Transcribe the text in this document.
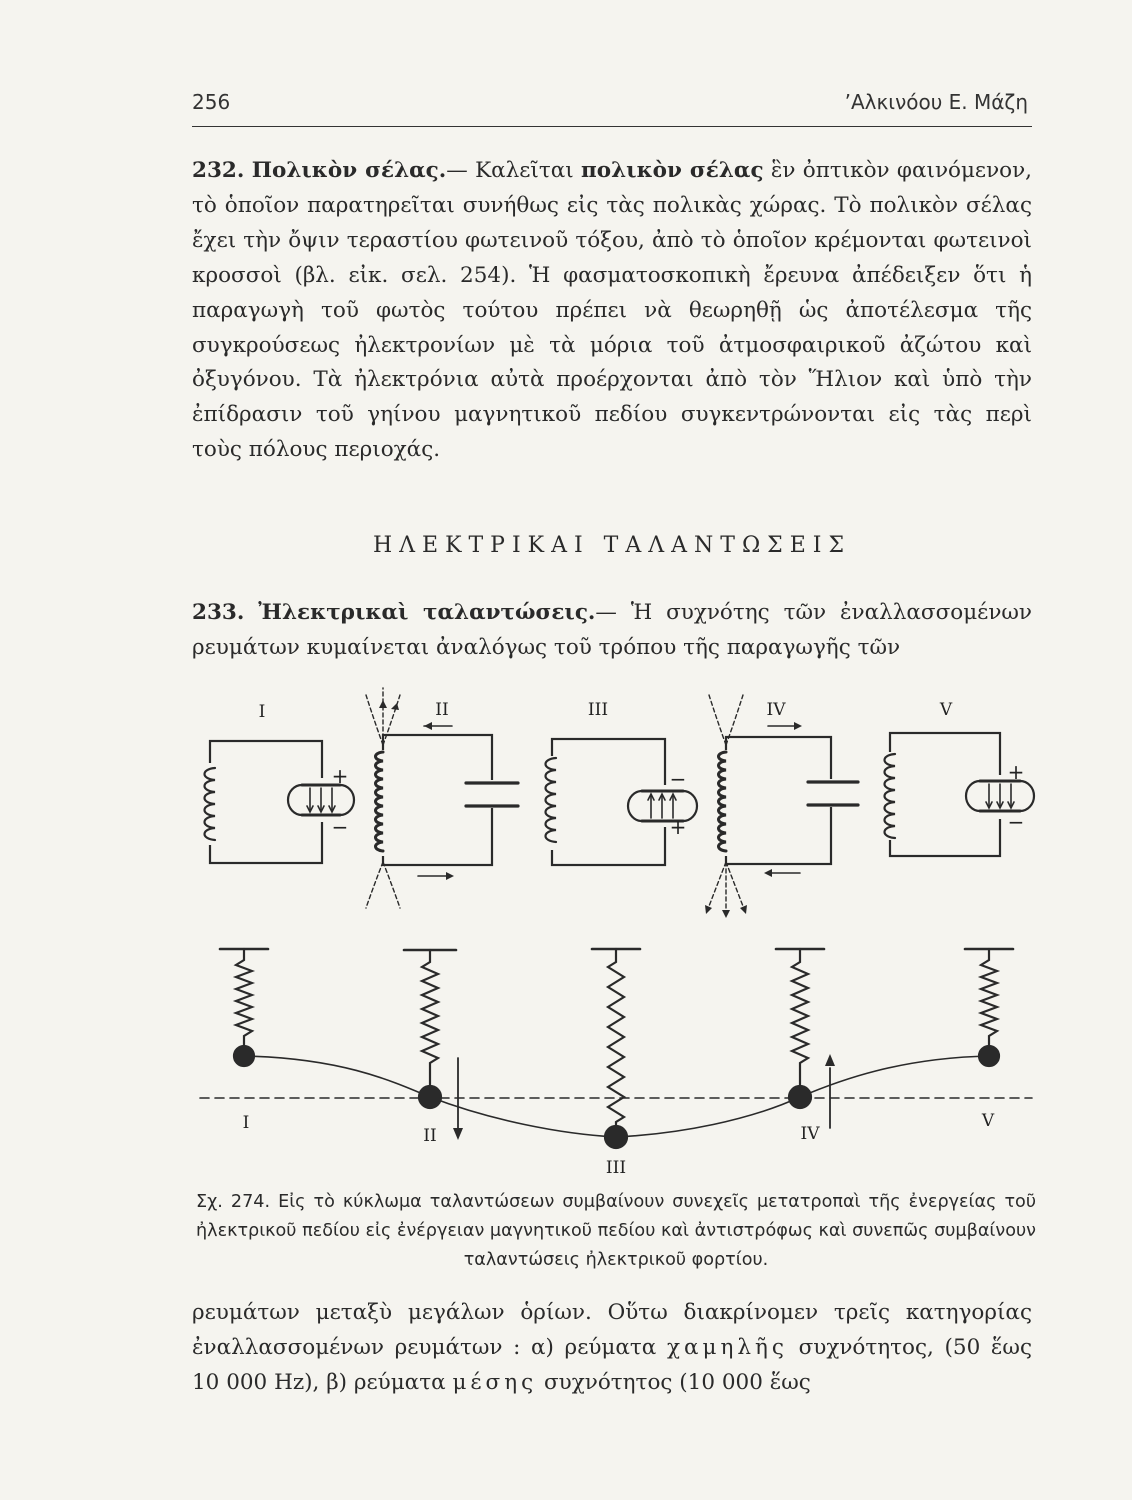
256	’Αλκινόου Ε. Μάζη

232. Πολικὸν σέλας.— Καλεῖται πολικὸν σέλας ἓν ὀπτικὸν φαινόμενον, τὸ ὁποῖον παρατηρεῖται συνήθως εἰς τὰς πολικὰς χώρας. Τὸ πολικὸν σέλας ἔχει τὴν ὄψιν τεραστίου φωτεινοῦ τόξου, ἀπὸ τὸ ὁποῖον κρέμονται φωτεινοὶ κροσσοὶ (βλ. εἰκ. σελ. 254). Ἡ φασματοσκοπικὴ ἔρευνα ἀπέδειξεν ὅτι ἡ παραγωγὴ τοῦ φωτὸς τούτου πρέπει νὰ θεωρηθῇ ὡς ἀποτέλεσμα τῆς συγκρούσεως ἠλεκτρονίων μὲ τὰ μόρια τοῦ ἀτμοσφαιρικοῦ ἀζώτου καὶ ὀξυγόνου. Τὰ ἠλεκτρόνια αὐτὰ προέρχονται ἀπὸ τὸν Ἥλιον καὶ ὑπὸ τὴν ἐπίδρασιν τοῦ γηίνου μαγνητικοῦ πεδίου συγκεντρώνονται εἰς τὰς περὶ τοὺς πόλους περιοχάς.

ΗΛΕΚΤΡΙΚΑΙ ΤΑΛΑΝΤΩΣΕΙΣ

233. Ἠλεκτρικαὶ ταλαντώσεις.— Ἡ συχνότης τῶν ἐναλλασσομένων ρευμάτων κυμαίνεται ἀναλόγως τοῦ τρόπου τῆς παραγωγῆς τῶν

I	II	III	IV	V
+
−
−
+
+
−
I
II
III
IV
V

Σχ. 274. Εἰς τὸ κύκλωμα ταλαντώσεων συμβαίνουν συνεχεῖς μετατροπαὶ τῆς ἐνεργείας τοῦ ἠλεκτρικοῦ πεδίου εἰς ἐνέργειαν μαγνητικοῦ πεδίου καὶ ἀντιστρόφως καὶ συνεπῶς συμβαίνουν ταλαντώσεις ἠλεκτρικοῦ φορτίου.

ρευμάτων μεταξὺ μεγάλων ὁρίων. Οὕτω διακρίνομεν τρεῖς κατηγορίας ἐναλλασσομένων ρευμάτων : α) ρεύματα χαμηλῆς συχνότητος, (50 ἕως 10 000 Hz), β) ρεύματα μέσης συχνότητος (10 000 ἕως
